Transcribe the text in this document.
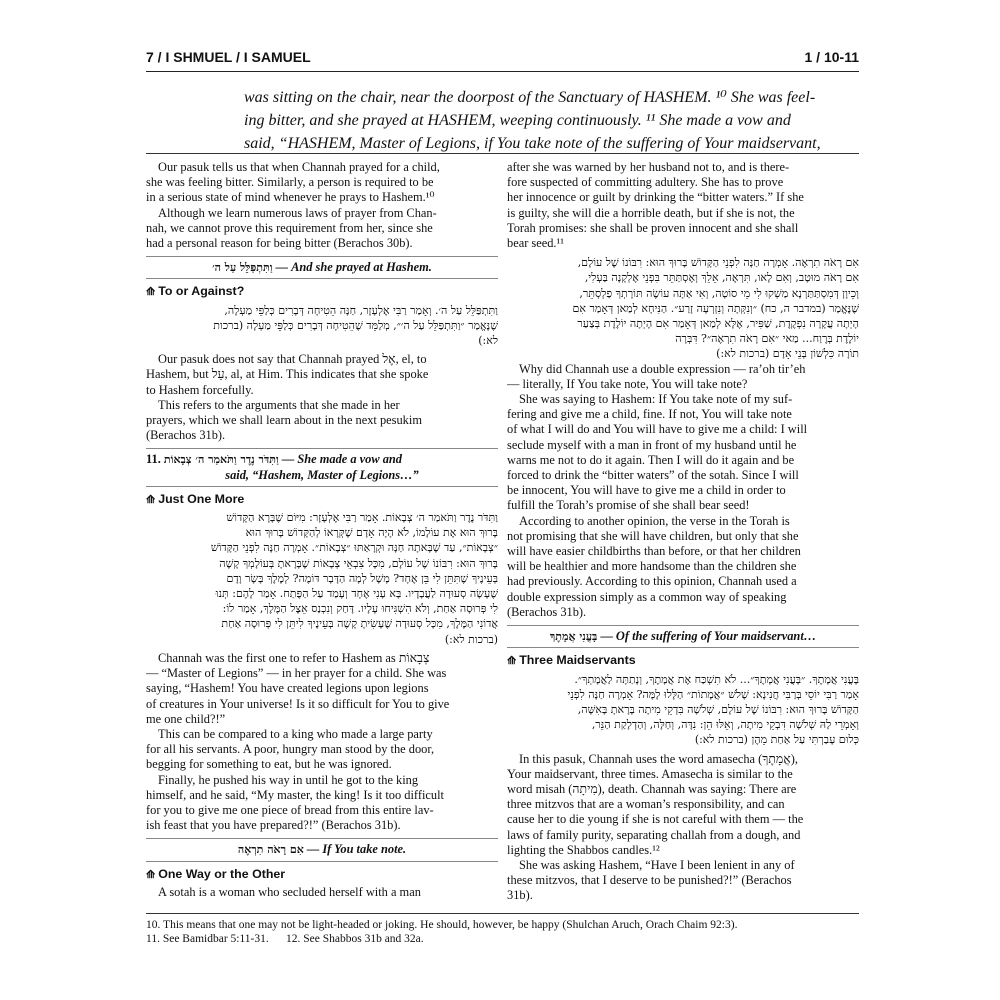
7 / I SHMUEL / I SAMUEL	1 / 10-11
was sitting on the chair, near the doorpost of the Sanctuary of HASHEM. ¹⁰ She was feel-
ing bitter, and she prayed at HASHEM, weeping continuously. ¹¹ She made a vow and
said, “HASHEM, Master of Legions, if You take note of the suffering of Your maidservant,
Our pasuk tells us that when Channah prayed for a child,
she was feeling bitter. Similarly, a person is required to be
in a serious state of mind whenever he prays to Hashem.¹⁰
Although we learn numerous laws of prayer from Chan-
nah, we cannot prove this requirement from her, since she
had a personal reason for being bitter (Berachos 30b).
וַתִּתְפַּלֵּל עַל ה׳ — And she prayed at Hashem.
⟰ To or Against?
וַתִּתְפַּלֵּל עַל ה׳. וְאָמַר רַבִּי אֶלְעָזָר, חַנָּה הֵטִיחָה דְּבָרִים כְּלַפֵּי מַעְלָה,
שֶׁנֶּאֱמַר ״וַתִּתְפַּלֵּל עַל ה׳״, מְלַמֵּד שֶׁהֵטִיחָה דְּבָרִים כְּלַפֵּי מַעְלָה (ברכות
לא:)
Our pasuk does not say that Channah prayed אֶל, el, to
Hashem, but עַל, al, at Him. This indicates that she spoke
to Hashem forcefully.
This refers to the arguments that she made in her
prayers, which we shall learn about in the next pesukim
(Berachos 31b).
11. וַתִּדֹּר נֶדֶר וַתֹּאמַר ה׳ צְבָאוֹת — She made a vow and
said, “Hashem, Master of Legions…”
⟰ Just One More
וַתִּדֹּר נֶדֶר וַתֹּאמַר ה׳ צְבָאוֹת. אָמַר רַבִּי אֶלְעָזָר: מִיּוֹם שֶׁבָּרָא הַקָּדוֹשׁ
בָּרוּךְ הוּא אֶת עוֹלָמוֹ, לֹא הָיָה אָדָם שֶׁקְּרָאוֹ לְהַקָּדוֹשׁ בָּרוּךְ הוּא
״צְבָאוֹת״, עַד שֶׁבָּאתָה חַנָּה וּקְרָאַתּוּ ״צְבָאוֹת״. אָמְרָה חַנָּה לִפְנֵי הַקָּדוֹשׁ
בָּרוּךְ הוּא: רִבּוֹנוֹ שֶׁל עוֹלָם, מִכָּל צִבְאֵי צְבָאוֹת שֶׁבָּרָאתָ בְּעוֹלָמְךָ קָשֶׁה
בְּעֵינֶיךָ שֶׁתִּתֵּן לִי בֵּן אֶחָד? מָשָׁל לְמָה הַדָּבָר דּוֹמֶה? לְמֶלֶךְ בָּשָׂר וָדָם
שֶׁעָשָׂה סְעוּדָה לַעֲבָדָיו. בָּא עָנִי אֶחָד וְעָמַד עַל הַפֶּתַח. אָמַר לָהֶם: תְּנוּ
לִי פְּרוּסָה אַחַת, וְלֹא הִשְׁגִּיחוּ עָלָיו. דָּחַק וְנִכְנַס אֵצֶל הַמֶּלֶךְ, אָמַר לוֹ:
אֲדוֹנִי הַמֶּלֶךְ, מִכָּל סְעוּדָה שֶׁעָשִׂיתָ קָשֶׁה בְּעֵינֶיךָ לִיתֵּן לִי פְּרוּסָה אַחַת
(ברכות לא:)
Channah was the first one to refer to Hashem as צְבָאוֹת
— “Master of Legions” — in her prayer for a child. She was
saying, “Hashem! You have created legions upon legions
of creatures in Your universe! Is it so difficult for You to give
me one child?!”
This can be compared to a king who made a large party
for all his servants. A poor, hungry man stood by the door,
begging for something to eat, but he was ignored.
Finally, he pushed his way in until he got to the king
himself, and he said, “My master, the king! Is it too difficult
for you to give me one piece of bread from this entire lav-
ish feast that you have prepared?!” (Berachos 31b).
אִם רָאֹה תִרְאֶה — If You take note.
⟰ One Way or the Other
A sotah is a woman who secluded herself with a man
after she was warned by her husband not to, and is there-
fore suspected of committing adultery. She has to prove
her innocence or guilt by drinking the “bitter waters.” If she
is guilty, she will die a horrible death, but if she is not, the
Torah promises: she shall be proven innocent and she shall
bear seed.¹¹
אִם רָאֹה תִרְאֶה. אָמְרָה חַנָּה לִפְנֵי הַקָּדוֹשׁ בָּרוּךְ הוּא: רִבּוֹנוֹ שֶׁל עוֹלָם,
אִם רָאֹה מוּטָב, וְאִם לָאו, תִּרְאֶה, אֵלֵךְ וְאֶסְתַּתֵּר בִּפְנֵי אֶלְקָנָה בַּעְלִי,
וְכֵיוָן דְּמִסְתַּתַּרְנָא מַשְׁקוּ לִי מֵי סוֹטָה, וְאִי אַתָּה עוֹשֶׂה תּוֹרָתְךָ פַלְסְתֵּר,
שֶׁנֶּאֱמַר (במדבר ה, כח) ״וְנִקְּתָה וְנִזְרְעָה זָרַע״. הַנִּיחָא לְמַאן דְּאָמַר אִם
הָיְתָה עֲקָרָה נִפְקֶדֶת, שַׁפִּיר, אֶלָּא לְמַאן דְּאָמַר אִם הָיְתָה יוֹלֶדֶת בְּצַעַר
יוֹלֶדֶת בְּרֶוַח... מַאי ״אִם רָאֹה תִרְאֶה״? דִּבְּרָה
תוֹרָה כִּלְשׁוֹן בְּנֵי אָדָם (ברכות לא:)
Why did Channah use a double expression — ra’oh tir’eh
— literally, If You take note, You will take note?
She was saying to Hashem: If You take note of my suf-
fering and give me a child, fine. If not, You will take note
of what I will do and You will have to give me a child: I will
seclude myself with a man in front of my husband until he
warns me not to do it again. Then I will do it again and be
forced to drink the “bitter waters” of the sotah. Since I will
be innocent, You will have to give me a child in order to
fulfill the Torah’s promise of she shall bear seed!
According to another opinion, the verse in the Torah is
not promising that she will have children, but only that she
will have easier childbirths than before, or that her children
will be healthier and more handsome than the children she
had previously. According to this opinion, Channah used a
double expression simply as a common way of speaking
(Berachos 31b).
בָּעֳנִי אֲמָתֶךָ — Of the suffering of Your maidservant…
⟰ Three Maidservants
בָּעֳנִי אֲמָתֶךָ. ״בָּעֳנִי אֲמָתֶךָ״... לֹא תִשְׁכַּח אֶת אֲמָתֶךָ, וְנָתַתָּה לַאֲמָתְךָ״.
אָמַר רַבִּי יוֹסֵי בְּרַבִּי חֲנִינָא: שָׁלֹשׁ ״אֲמָתוֹת״ הַלָּלוּ לָמָּה? אָמְרָה חַנָּה לִפְנֵי
הַקָּדוֹשׁ בָּרוּךְ הוּא: רִבּוֹנוֹ שֶׁל עוֹלָם, שְׁלֹשָׁה בִּדְקֵי מִיתָה בָּרָאתָ בָּאִשָּׁה,
וְאָמְרֵי לַהּ שְׁלֹשָׁה דִּבְקֵי מִיתָה, וְאֵלּוּ הֵן: נִדָּה, וְחַלָּה, וְהַדְלָקַת הַנֵּר,
כְּלוּם עָבַרְתִּי עַל אַחַת מֵהֶן (ברכות לא:)
In this pasuk, Channah uses the word amasecha (אֲמָתֶךָ),
Your maidservant, three times. Amasecha is similar to the
word misah (מִיתָה), death. Channah was saying: There are
three mitzvos that are a woman’s responsibility, and can
cause her to die young if she is not careful with them — the
laws of family purity, separating challah from a dough, and
lighting the Shabbos candles.¹²
She was asking Hashem, “Have I been lenient in any of
these mitzvos, that I deserve to be punished?!” (Berachos
31b).
10. This means that one may not be light-headed or joking. He should, however, be happy (Shulchan Aruch, Orach Chaim 92:3).
11. See Bamidbar 5:11-31.      12. See Shabbos 31b and 32a.
